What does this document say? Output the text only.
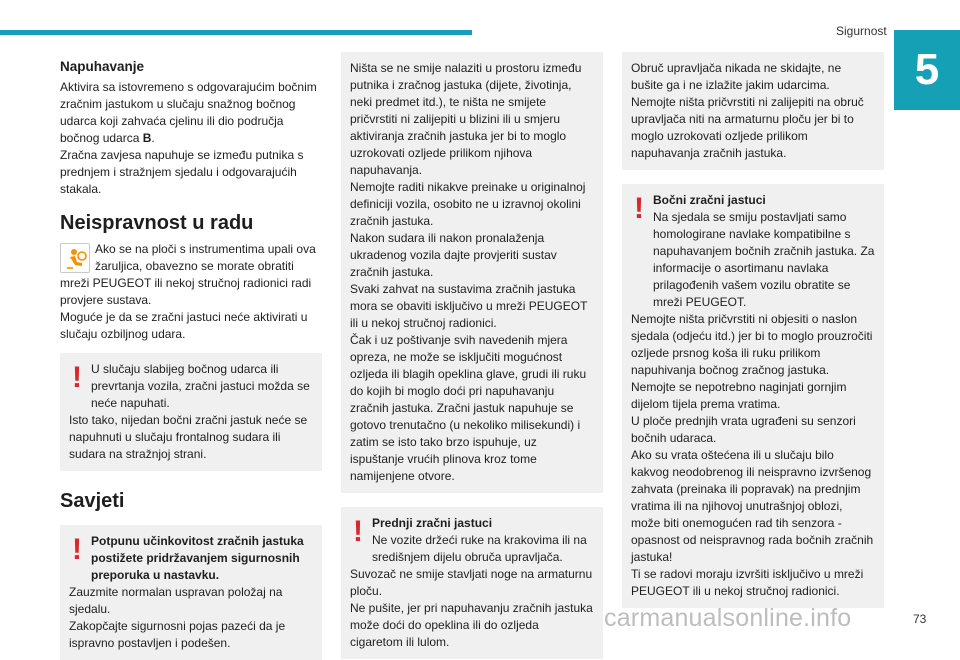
Sigurnost
5
Napuhavanje
Aktivira sa istovremeno s odgovarajućim bočnim zračnim jastukom u slučaju snažnog bočnog udarca koji zahvaća cjelinu ili dio područja bočnog udarca B.
Zračna zavjesa napuhuje se između putnika s prednjem i stražnjem sjedalu i odgovarajućih stakala.
Neispravnost u radu
Ako se na ploči s instrumentima upali ova žaruljica, obavezno se morate obratiti mreži PEUGEOT ili nekoj stručnoj radionici radi provjere sustava.
Moguće je da se zračni jastuci neće aktivirati u slučaju ozbiljnog udara.
! U slučaju slabijeg bočnog udarca ili prevrtanja vozila, zračni jastuci možda se neće napuhati.
Isto tako, nijedan bočni zračni jastuk neće se napuhnuti u slučaju frontalnog sudara ili sudara na stražnjoj strani.
Savjeti
! Potpunu učinkovitost zračnih jastuka postižete pridržavanjem sigurnosnih preporuka u nastavku.
Zauzmite normalan uspravan položaj na sjedalu.
Zakopčajte sigurnosni pojas pazeći da je ispravno postavljen i podešen.
Ništa se ne smije nalaziti u prostoru između putnika i zračnog jastuka (dijete, životinja, neki predmet itd.), te ništa ne smijete pričvrstiti ni zalijepiti u blizini ili u smjeru aktiviranja zračnih jastuka jer bi to moglo uzrokovati ozljede prilikom njihova napuhavanja.
Nemojte raditi nikakve preinake u originalnoj definiciji vozila, osobito ne u izravnoj okolini zračnih jastuka.
Nakon sudara ili nakon pronalaženja ukradenog vozila dajte provjeriti sustav zračnih jastuka.
Svaki zahvat na sustavima zračnih jastuka mora se obaviti isključivo u mreži PEUGEOT ili u nekoj stručnoj radionici.
Čak i uz poštivanje svih navedenih mjera opreza, ne može se isključiti mogućnost ozljeda ili blagih opeklina glave, grudi ili ruku do kojih bi moglo doći pri napuhavanju zračnih jastuka. Zračni jastuk napuhuje se gotovo trenutačno (u nekoliko milisekundi) i zatim se isto tako brzo ispuhuje, uz ispuštanje vrućih plinova kroz tome namijenjene otvore.
! Prednji zračni jastuci
Ne vozite držeći ruke na krakovima ili na središnjem dijelu obruča upravljača.
Suvozač ne smije stavljati noge na armaturnu ploču.
Ne pušite, jer pri napuhavanju zračnih jastuka može doći do opeklina ili do ozljeda cigaretom ili lulom.
Obruč upravljača nikada ne skidajte, ne bušite ga i ne izlažite jakim udarcima.
Nemojte ništa pričvrstiti ni zalijepiti na obruč upravljača niti na armaturnu ploču jer bi to moglo uzrokovati ozljede prilikom napuhavanja zračnih jastuka.
! Bočni zračni jastuci
Na sjedala se smiju postavljati samo homologirane navlake kompatibilne s napuhavanjem bočnih zračnih jastuka. Za informacije o asortimanu navlaka prilagođenih vašem vozilu obratite se mreži PEUGEOT.
Nemojte ništa pričvrstiti ni objesiti o naslon sjedala (odjeću itd.) jer bi to moglo prouzročiti ozljede prsnog koša ili ruku prilikom napuhivanja bočnog zračnog jastuka.
Nemojte se nepotrebno naginjati gornjim dijelom tijela prema vratima.
U ploče prednjih vrata ugrađeni su senzori bočnih udaraca.
Ako su vrata oštećena ili u slučaju bilo kakvog neodobrenog ili neispravno izvršenog zahvata (preinaka ili popravak) na prednjim vratima ili na njihovoj unutrašnjoj oblozi, može biti onemogućen rad tih senzora - opasnost od neispravnog rada bočnih zračnih jastuka!
Ti se radovi moraju izvršiti isključivo u mreži PEUGEOT ili u nekoj stručnoj radionici.
carmanualsonline.info	73
